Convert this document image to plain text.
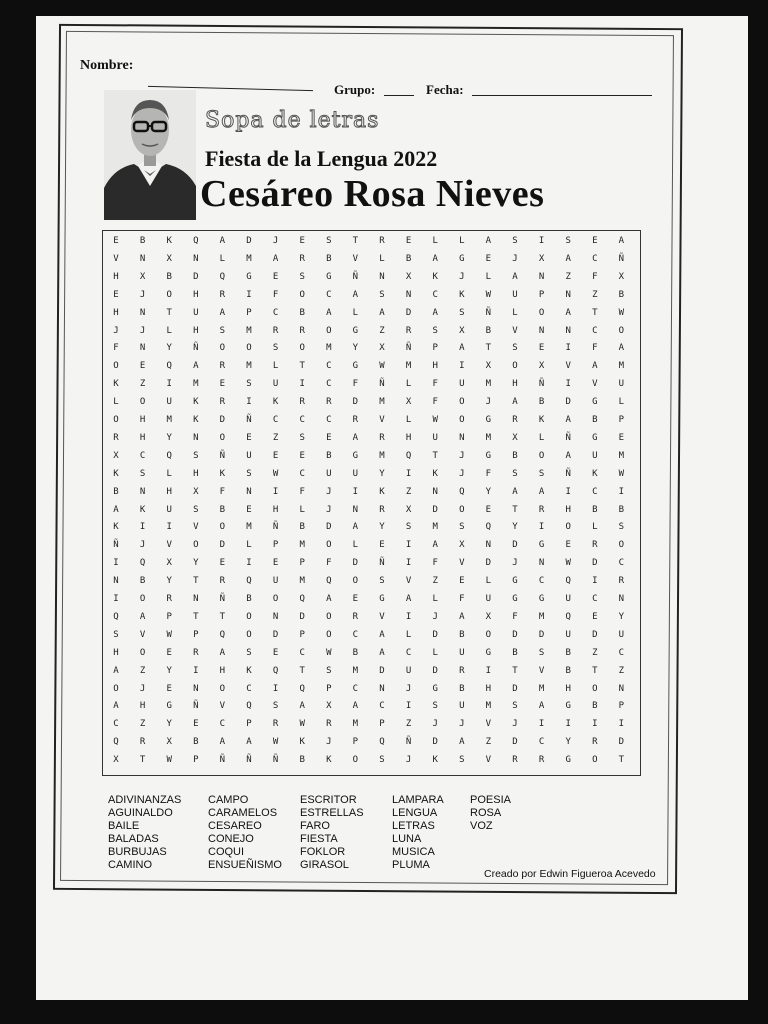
Nombre:
Grupo:	Fecha:
Sopa de letras
Fiesta de la Lengua 2022
Cesáreo Rosa Nieves
E	B	K	Q	A	D	J	E	S	T	R	E	L	L	A	S	I	S	E	A
V	N	X	N	L	M	A	R	B	V	L	B	A	G	E	J	X	A	C	Ñ
H	X	B	D	Q	G	E	S	G	Ñ	N	X	K	J	L	A	N	Z	F	X
E	J	O	H	R	I	F	O	C	A	S	N	C	K	W	U	P	N	Z	B
H	N	T	U	A	P	C	B	A	L	A	D	A	S	Ñ	L	O	A	T	W
J	J	L	H	S	M	R	R	O	G	Z	R	S	X	B	V	N	N	C	O
F	N	Y	Ñ	O	O	S	O	M	Y	X	Ñ	P	A	T	S	E	I	F	A
O	E	Q	A	R	M	L	T	C	G	W	M	H	I	X	O	X	V	A	M
K	Z	I	M	E	S	U	I	C	F	Ñ	L	F	U	M	H	Ñ	I	V	U
L	O	U	K	R	I	K	R	R	D	M	X	F	O	J	A	B	D	G	L
O	H	M	K	D	Ñ	C	C	C	R	V	L	W	O	G	R	K	A	B	P
R	H	Y	N	O	E	Z	S	E	A	R	H	U	N	M	X	L	Ñ	G	E
X	C	Q	S	Ñ	U	E	E	B	G	M	Q	T	J	G	B	O	A	U	M
K	S	L	H	K	S	W	C	U	U	Y	I	K	J	F	S	S	Ñ	K	W
B	N	H	X	F	N	I	F	J	I	K	Z	N	Q	Y	A	A	I	C	I
A	K	U	S	B	E	H	L	J	N	R	X	D	O	E	T	R	H	B	B
K	I	I	V	O	M	Ñ	B	D	A	Y	S	M	S	Q	Y	I	O	L	S
Ñ	J	V	O	D	L	P	M	O	L	E	I	A	X	N	D	G	E	R	O
I	Q	X	Y	E	I	E	P	F	D	Ñ	I	F	V	D	J	N	W	D	C
N	B	Y	T	R	Q	U	M	Q	O	S	V	Z	E	L	G	C	Q	I	R
I	O	R	N	Ñ	B	O	Q	A	E	G	A	L	F	U	G	G	U	C	N
Q	A	P	T	T	O	N	D	O	R	V	I	J	A	X	F	M	Q	E	Y
S	V	W	P	Q	O	D	P	O	C	A	L	D	B	O	D	D	U	D	U
H	O	E	R	A	S	E	C	W	B	A	C	L	U	G	B	S	B	Z	C
A	Z	Y	I	H	K	Q	T	S	M	D	U	D	R	I	T	V	B	T	Z
O	J	E	N	O	C	I	Q	P	C	N	J	G	B	H	D	M	H	O	N
A	H	G	Ñ	V	Q	S	A	X	A	C	I	S	U	M	S	A	G	B	P
C	Z	Y	E	C	P	R	W	R	M	P	Z	J	J	V	J	I	I	I	I
Q	R	X	B	A	A	W	K	J	P	Q	Ñ	D	A	Z	D	C	Y	R	D
X	T	W	P	Ñ	Ñ	Ñ	B	K	O	S	J	K	S	V	R	R	G	O	T
ADIVINANZAS
AGUINALDO
BAILE
BALADAS
BURBUJAS
CAMINO
CAMPO
CARAMELOS
CESAREO
CONEJO
COQUI
ENSUEÑISMO
ESCRITOR
ESTRELLAS
FARO
FIESTA
FOKLOR
GIRASOL
LAMPARA
LENGUA
LETRAS
LUNA
MUSICA
PLUMA
POESIA
ROSA
VOZ
Creado por Edwin Figueroa Acevedo
